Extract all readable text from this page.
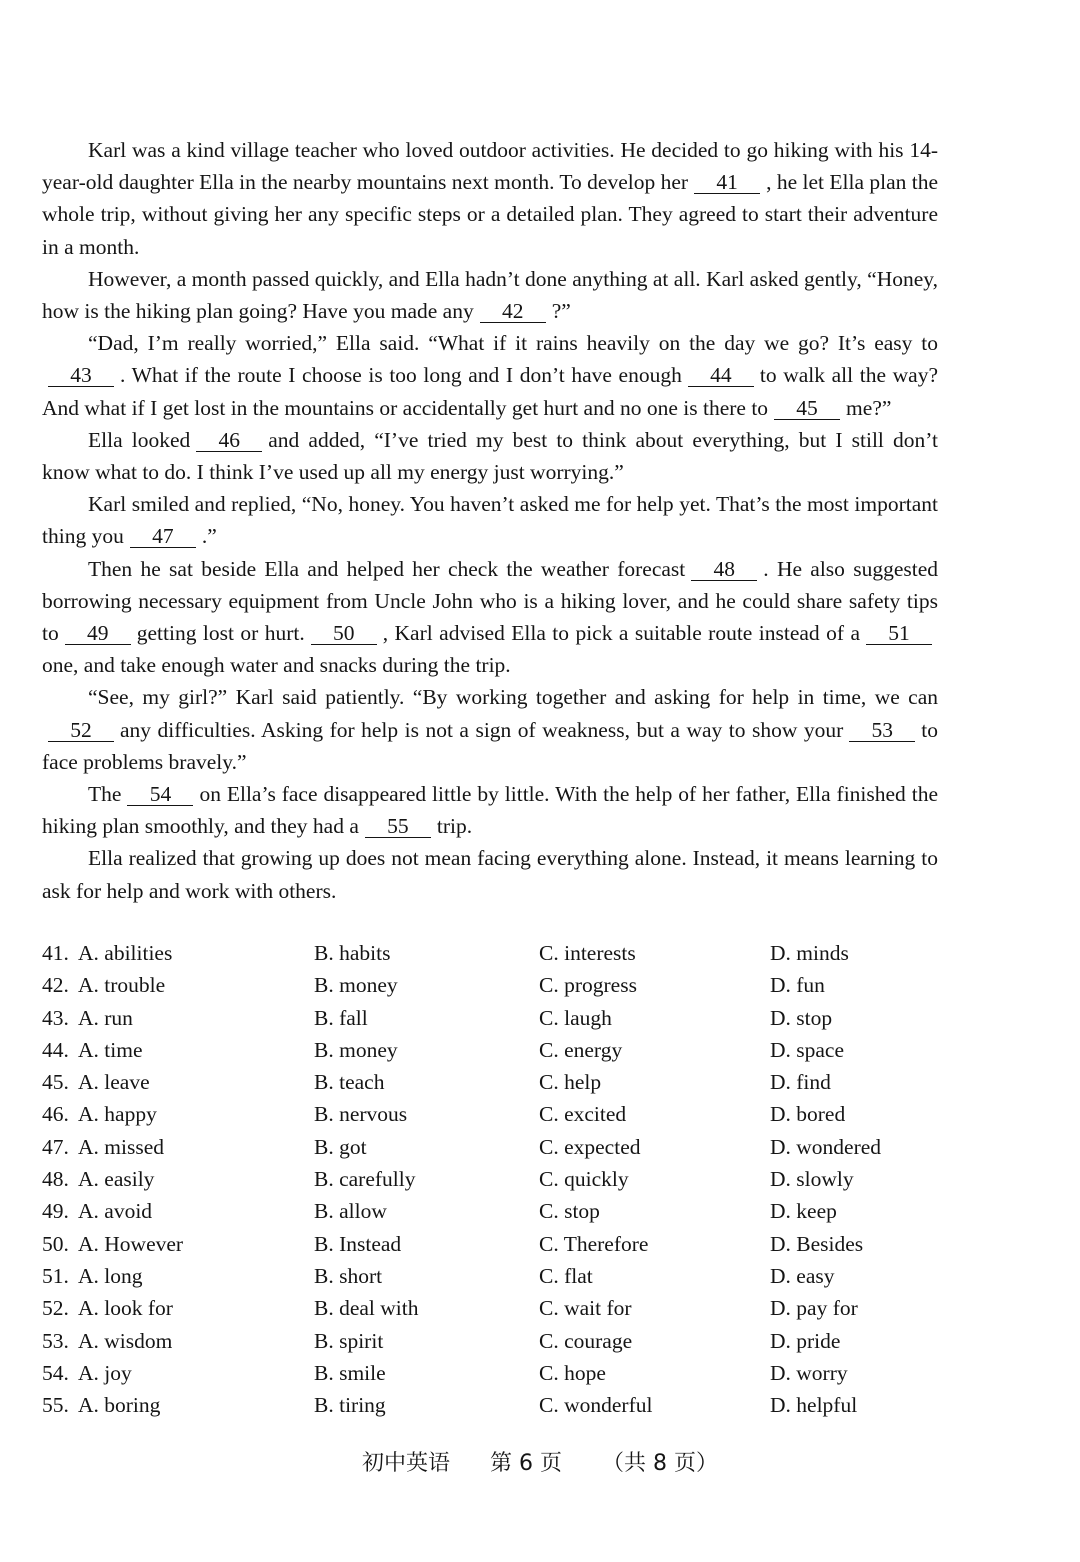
Karl was a kind village teacher who loved outdoor activities. He decided to go hiking with his 14-year-old daughter Ella in the nearby mountains next month. To develop her 41 , he let Ella plan the whole trip, without giving her any specific steps or a detailed plan. They agreed to start their adventure in a month.

However, a month passed quickly, and Ella hadn’t done anything at all. Karl asked gently, “Honey, how is the hiking plan going? Have you made any 42 ?”

“Dad, I’m really worried,” Ella said. “What if it rains heavily on the day we go? It’s easy to43 . What if the route I choose is too long and I don’t have enough 44 to walk all the way? And what if I get lost in the mountains or accidentally get hurt and no one is there to 45 me?”

Ella looked 46 and added, “I’ve tried my best to think about everything, but I still don’t know what to do. I think I’ve used up all my energy just worrying.”

Karl smiled and replied, “No, honey. You haven’t asked me for help yet. That’s the most important thing you 47 .”

Then he sat beside Ella and helped her check the weather forecast 48 . He also suggested borrowing necessary equipment from Uncle John who is a hiking lover, and he could share safety tips to 49 getting lost or hurt. 50 , Karl advised Ella to pick a suitable route instead of a 51one, and take enough water and snacks during the trip.

“See, my girl?” Karl said patiently. “By working together and asking for help in time, we can52 any difficulties. Asking for help is not a sign of weakness, but a way to show your 53 to face problems bravely.”

The 54 on Ella’s face disappeared little by little. With the help of her father, Ella finished the hiking plan smoothly, and they had a 55 trip.

Ella realized that growing up does not mean facing everything alone. Instead, it means learning to ask for help and work with others.

41. A. abilities	B. habits	C. interests	D. minds
42. A. trouble	B. money	C. progress	D. fun
43. A. run	B. fall	C. laugh	D. stop
44. A. time	B. money	C. energy	D. space
45. A. leave	B. teach	C. help	D. find
46. A. happy	B. nervous	C. excited	D. bored
47. A. missed	B. got	C. expected	D. wondered
48. A. easily	B. carefully	C. quickly	D. slowly
49. A. avoid	B. allow	C. stop	D. keep
50. A. However	B. Instead	C. Therefore	D. Besides
51. A. long	B. short	C. flat	D. easy
52. A. look for	B. deal with	C. wait for	D. pay for
53. A. wisdom	B. spirit	C. courage	D. pride
54. A. joy	B. smile	C. hope	D. worry
55. A. boring	B. tiring	C. wonderful	D. helpful
初中英语 第 6 页 （共 8 页）
